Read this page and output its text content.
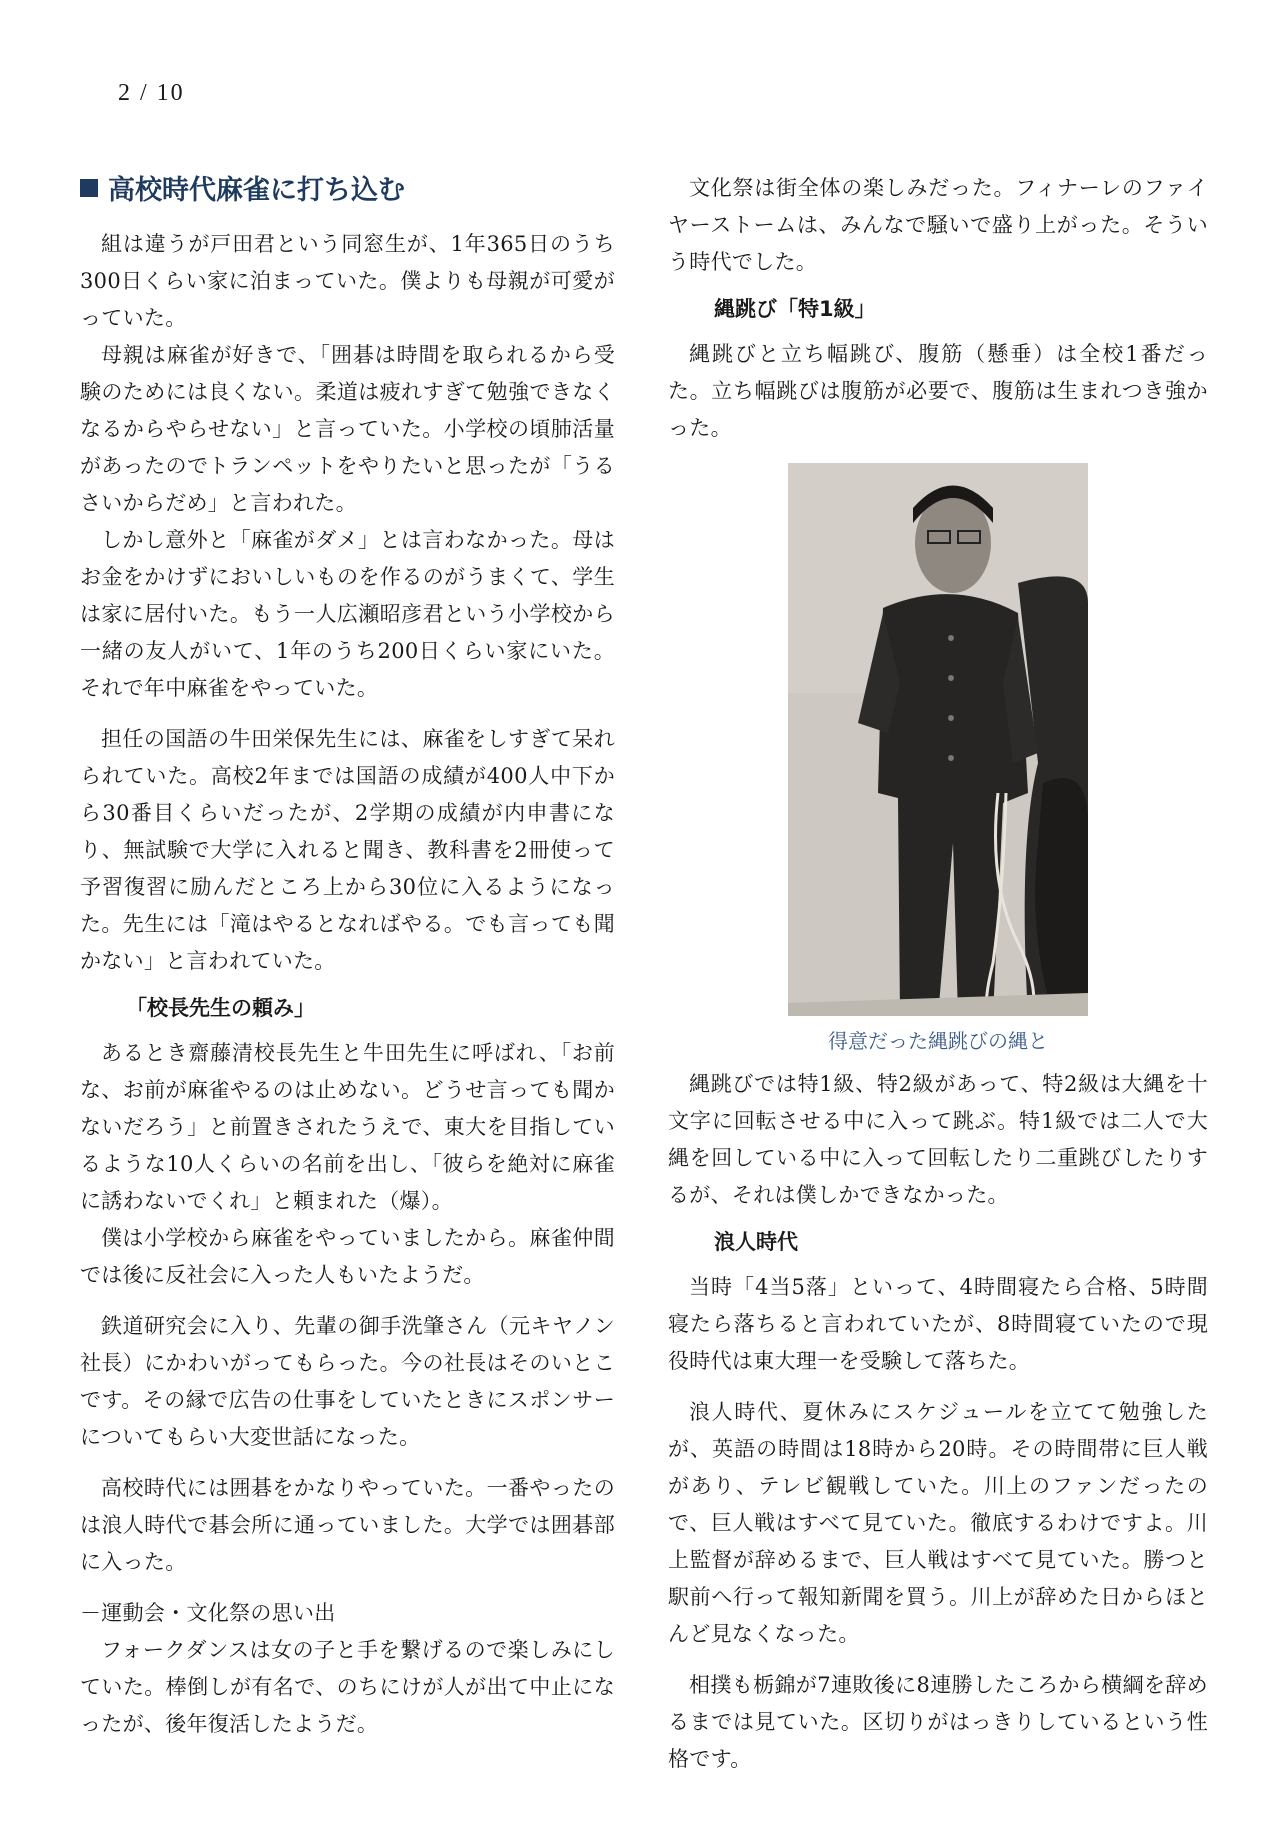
2 / 10
高校時代麻雀に打ち込む

組は違うが戸田君という同窓生が、1年365日のうち300日くらい家に泊まっていた。僕よりも母親が可愛がっていた。

母親は麻雀が好きで、「囲碁は時間を取られるから受験のためには良くない。柔道は疲れすぎて勉強できなくなるからやらせない」と言っていた。小学校の頃肺活量があったのでトランペットをやりたいと思ったが「うるさいからだめ」と言われた。

しかし意外と「麻雀がダメ」とは言わなかった。母はお金をかけずにおいしいものを作るのがうまくて、学生は家に居付いた。もう一人広瀬昭彦君という小学校から一緒の友人がいて、1年のうち200日くらい家にいた。それで年中麻雀をやっていた。

担任の国語の牛田栄保先生には、麻雀をしすぎて呆れられていた。高校2年までは国語の成績が400人中下から30番目くらいだったが、2学期の成績が内申書になり、無試験で大学に入れると聞き、教科書を2冊使って予習復習に励んだところ上から30位に入るようになった。先生には「滝はやるとなればやる。でも言っても聞かない」と言われていた。

「校長先生の頼み」

あるとき齋藤清校長先生と牛田先生に呼ばれ、「お前な、お前が麻雀やるのは止めない。どうせ言っても聞かないだろう」と前置きされたうえで、東大を目指しているような10人くらいの名前を出し、「彼らを絶対に麻雀に誘わないでくれ」と頼まれた（爆）。

僕は小学校から麻雀をやっていましたから。麻雀仲間では後に反社会に入った人もいたようだ。

鉄道研究会に入り、先輩の御手洗肇さん（元キヤノン社長）にかわいがってもらった。今の社長はそのいとこです。その縁で広告の仕事をしていたときにスポンサーについてもらい大変世話になった。

高校時代には囲碁をかなりやっていた。一番やったのは浪人時代で碁会所に通っていました。大学では囲碁部に入った。

－運動会・文化祭の思い出

フォークダンスは女の子と手を繋げるので楽しみにしていた。棒倒しが有名で、のちにけが人が出て中止になったが、後年復活したようだ。

文化祭は街全体の楽しみだった。フィナーレのファイヤーストームは、みんなで騒いで盛り上がった。そういう時代でした。

縄跳び「特1級」

縄跳びと立ち幅跳び、腹筋（懸垂）は全校1番だった。立ち幅跳びは腹筋が必要で、腹筋は生まれつき強かった。

得意だった縄跳びの縄と

縄跳びでは特1級、特2級があって、特2級は大縄を十文字に回転させる中に入って跳ぶ。特1級では二人で大縄を回している中に入って回転したり二重跳びしたりするが、それは僕しかできなかった。

浪人時代

当時「4当5落」といって、4時間寝たら合格、5時間寝たら落ちると言われていたが、8時間寝ていたので現役時代は東大理一を受験して落ちた。

浪人時代、夏休みにスケジュールを立てて勉強したが、英語の時間は18時から20時。その時間帯に巨人戦があり、テレビ観戦していた。川上のファンだったので、巨人戦はすべて見ていた。徹底するわけですよ。川上監督が辞めるまで、巨人戦はすべて見ていた。勝つと駅前へ行って報知新聞を買う。川上が辞めた日からほとんど見なくなった。

相撲も栃錦が7連敗後に8連勝したころから横綱を辞めるまでは見ていた。区切りがはっきりしているという性格です。
